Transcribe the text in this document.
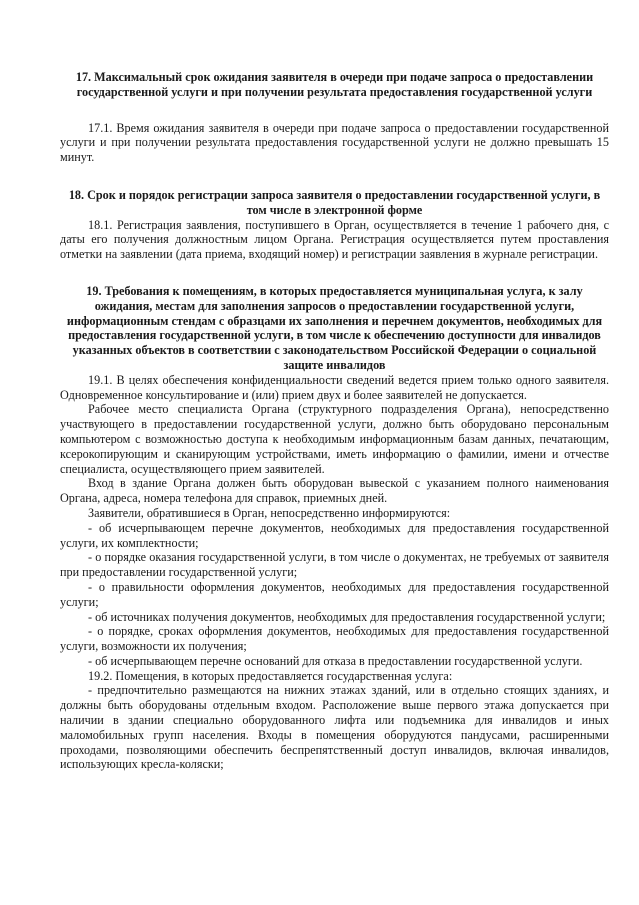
17. Максимальный срок ожидания заявителя в очереди при подаче запроса о предоставлении государственной услуги и при получении результата предоставления государственной услуги

17.1. Время ожидания заявителя в очереди при подаче запроса о предоставлении государственной услуги и при получении результата предоставления государственной услуги не должно превышать 15 минут.

18. Срок и порядок регистрации запроса заявителя о предоставлении государственной услуги, в том числе в электронной форме

18.1. Регистрация заявления, поступившего в Орган, осуществляется в течение 1 рабочего дня, с даты его получения должностным лицом Органа. Регистрация осуществляется путем проставления отметки на заявлении (дата приема, входящий номер) и регистрации заявления в журнале регистрации.

19. Требования к помещениям, в которых предоставляется муниципальная услуга, к залу ожидания, местам для заполнения запросов о предоставлении государственной услуги, информационным стендам с образцами их заполнения и перечнем документов, необходимых для предоставления государственной услуги, в том числе к обеспечению доступности для инвалидов указанных объектов в соответствии с законодательством Российской Федерации о социальной защите инвалидов

19.1. В целях обеспечения конфиденциальности сведений ведется прием только одного заявителя. Одновременное консультирование и (или) прием двух и более заявителей не допускается.

Рабочее место специалиста Органа (структурного подразделения Органа), непосредственно участвующего в предоставлении государственной услуги, должно быть оборудовано персональным компьютером с возможностью доступа к необходимым информационным базам данных, печатающим, ксерокопирующим и сканирующим устройствами, иметь информацию о фамилии, имени и отчестве специалиста, осуществляющего прием заявителей.

Вход в здание Органа должен быть оборудован вывеской с указанием полного наименования Органа, адреса, номера телефона для справок, приемных дней.

Заявители, обратившиеся в Орган, непосредственно информируются:

- об исчерпывающем перечне документов, необходимых для предоставления государственной услуги, их комплектности;

- о порядке оказания государственной услуги, в том числе о документах, не требуемых от заявителя при предоставлении государственной услуги;

- о правильности оформления документов, необходимых для предоставления государственной услуги;

- об источниках получения документов, необходимых для предоставления государственной услуги;

- о порядке, сроках оформления документов, необходимых для предоставления государственной услуги, возможности их получения;

- об исчерпывающем перечне оснований для отказа в предоставлении государственной услуги.

19.2. Помещения, в которых предоставляется государственная услуга:

- предпочтительно размещаются на нижних этажах зданий, или в отдельно стоящих зданиях, и должны быть оборудованы отдельным входом. Расположение выше первого этажа допускается при наличии в здании специально оборудованного лифта или подъемника для инвалидов и иных маломобильных групп населения. Входы в помещения оборудуются пандусами, расширенными проходами, позволяющими обеспечить беспрепятственный доступ инвалидов, включая инвалидов, использующих кресла-коляски;
